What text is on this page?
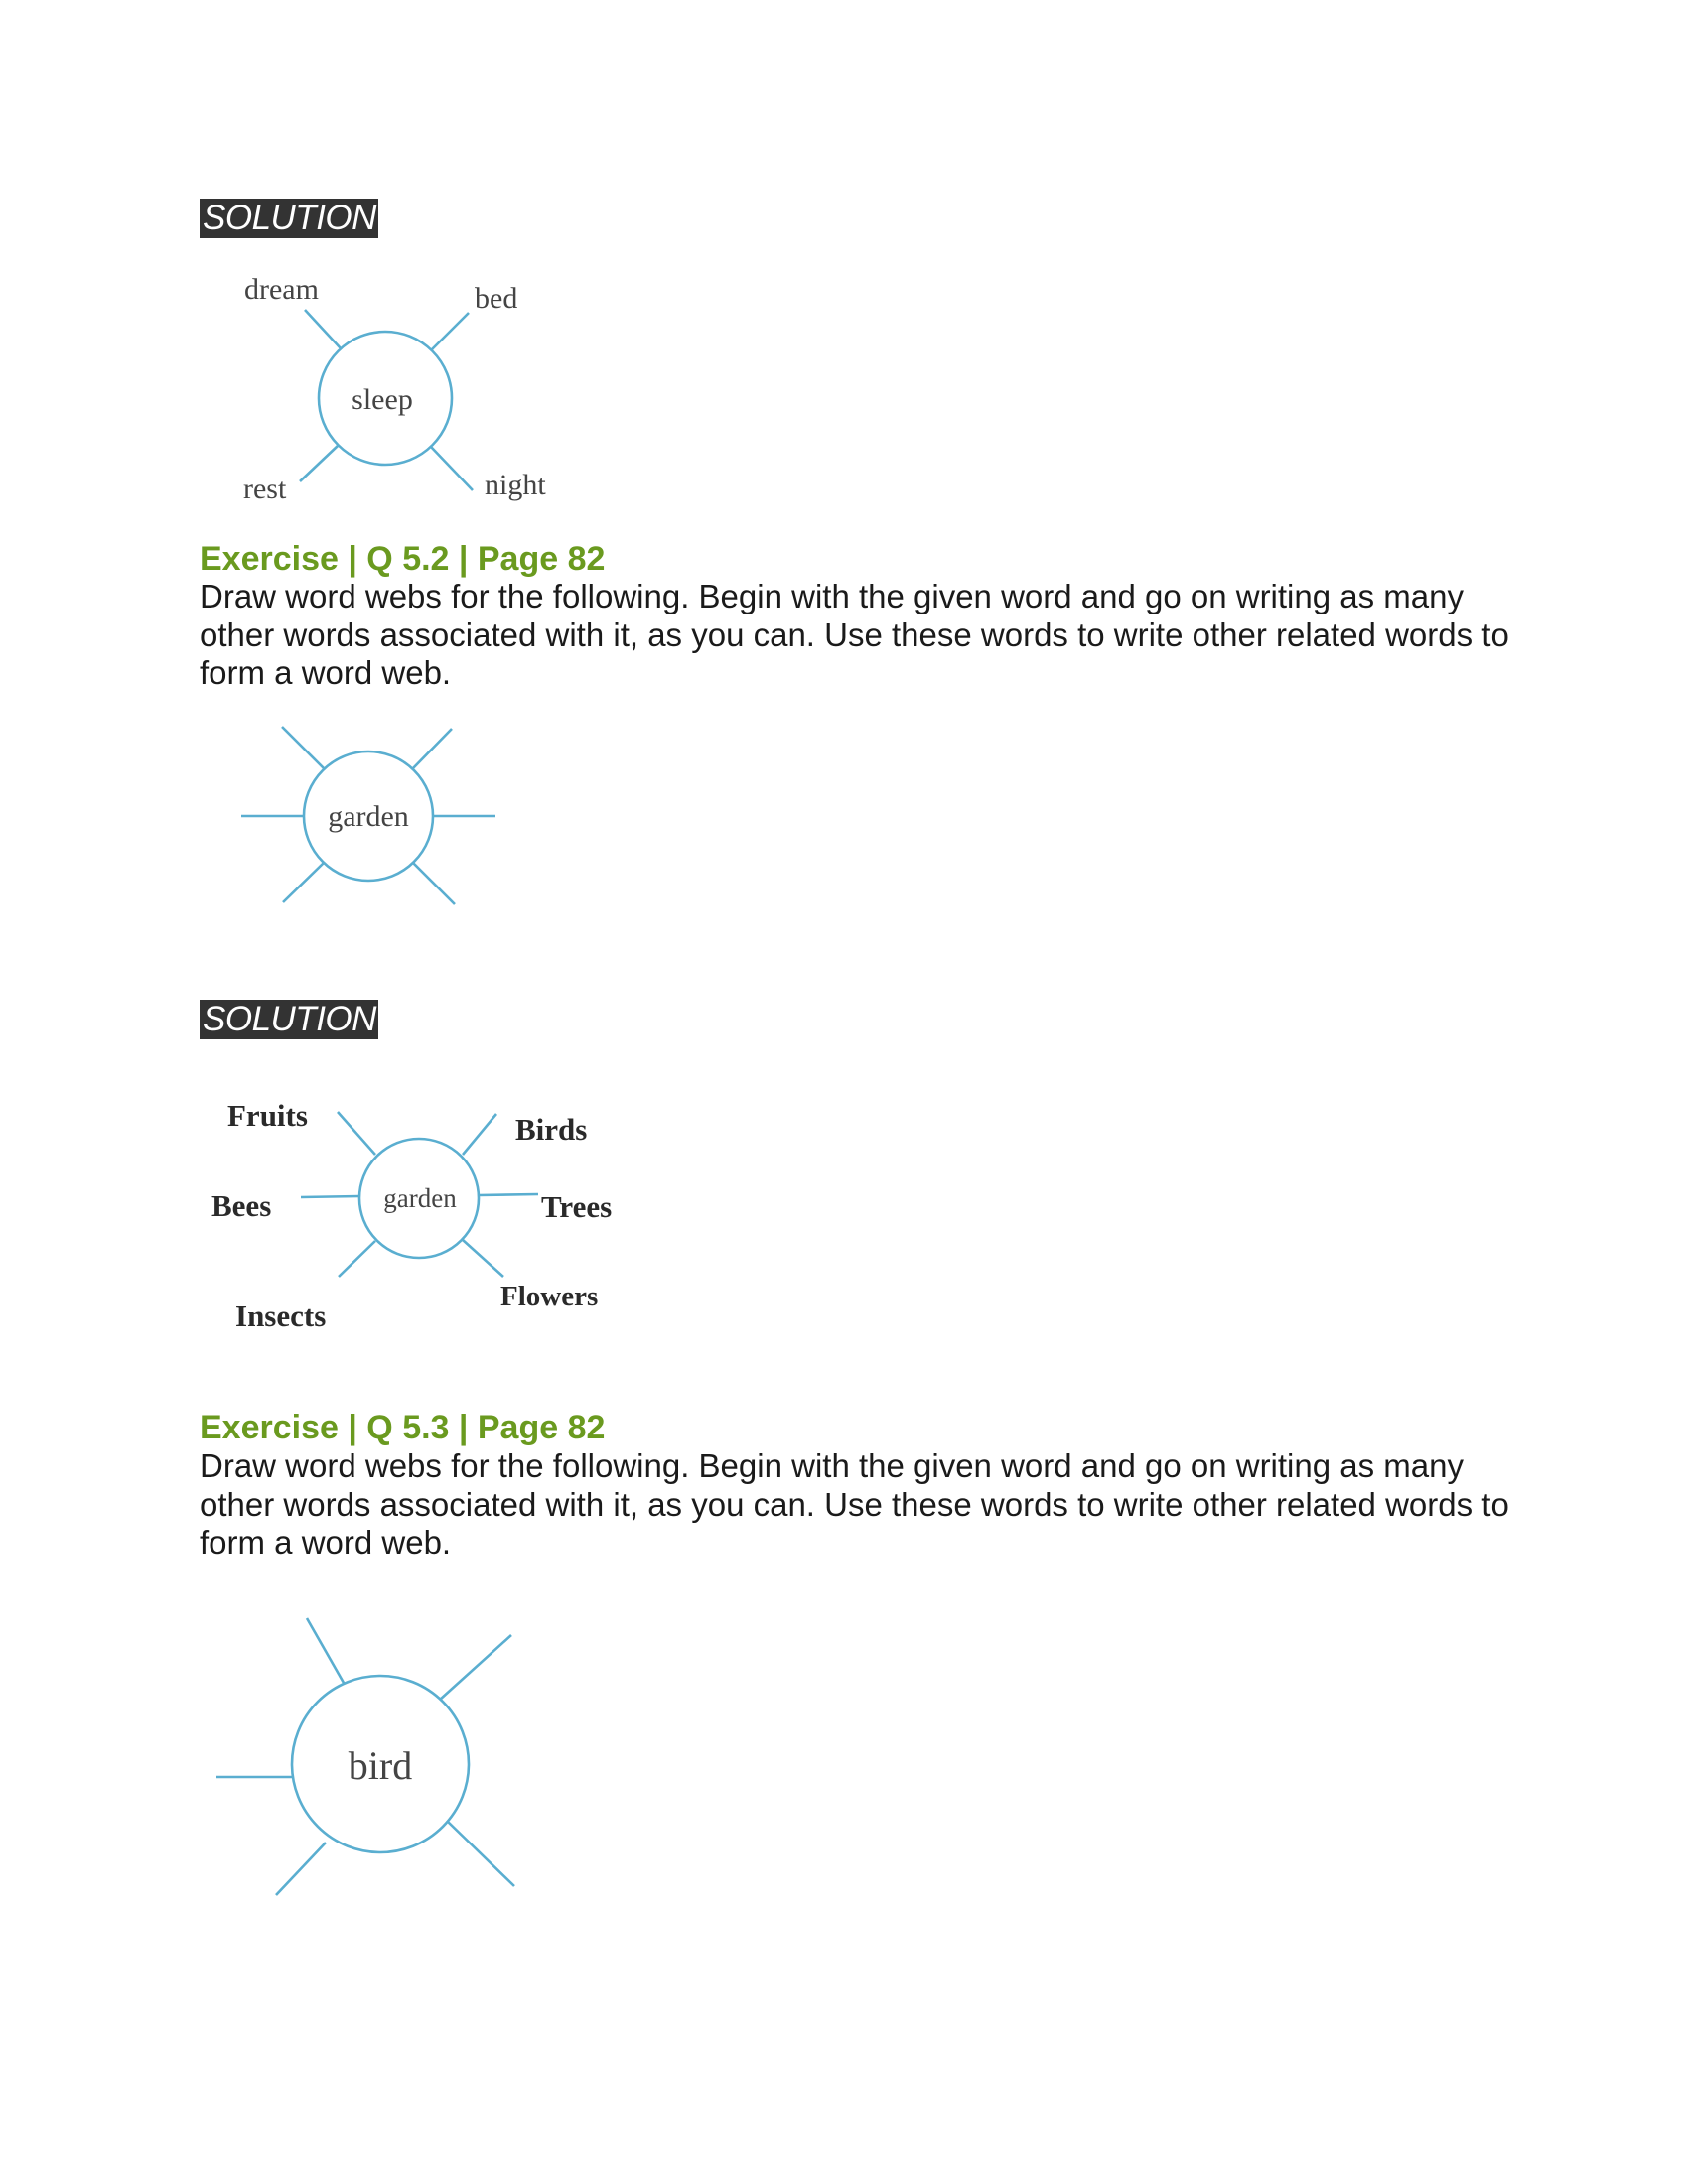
SOLUTION
sleep
dream	bed
rest	night
Exercise | Q 5.2 | Page 82
Draw word webs for the following. Begin with the given word and go on writing as many other words associated with it, as you can. Use these words to write other related words to form a word web.
garden
SOLUTION
garden
Fruits	Birds
Bees	Trees
Insects
Flowers
Exercise | Q 5.3 | Page 82
Draw word webs for the following. Begin with the given word and go on writing as many other words associated with it, as you can. Use these words to write other related words to form a word web.
bird
